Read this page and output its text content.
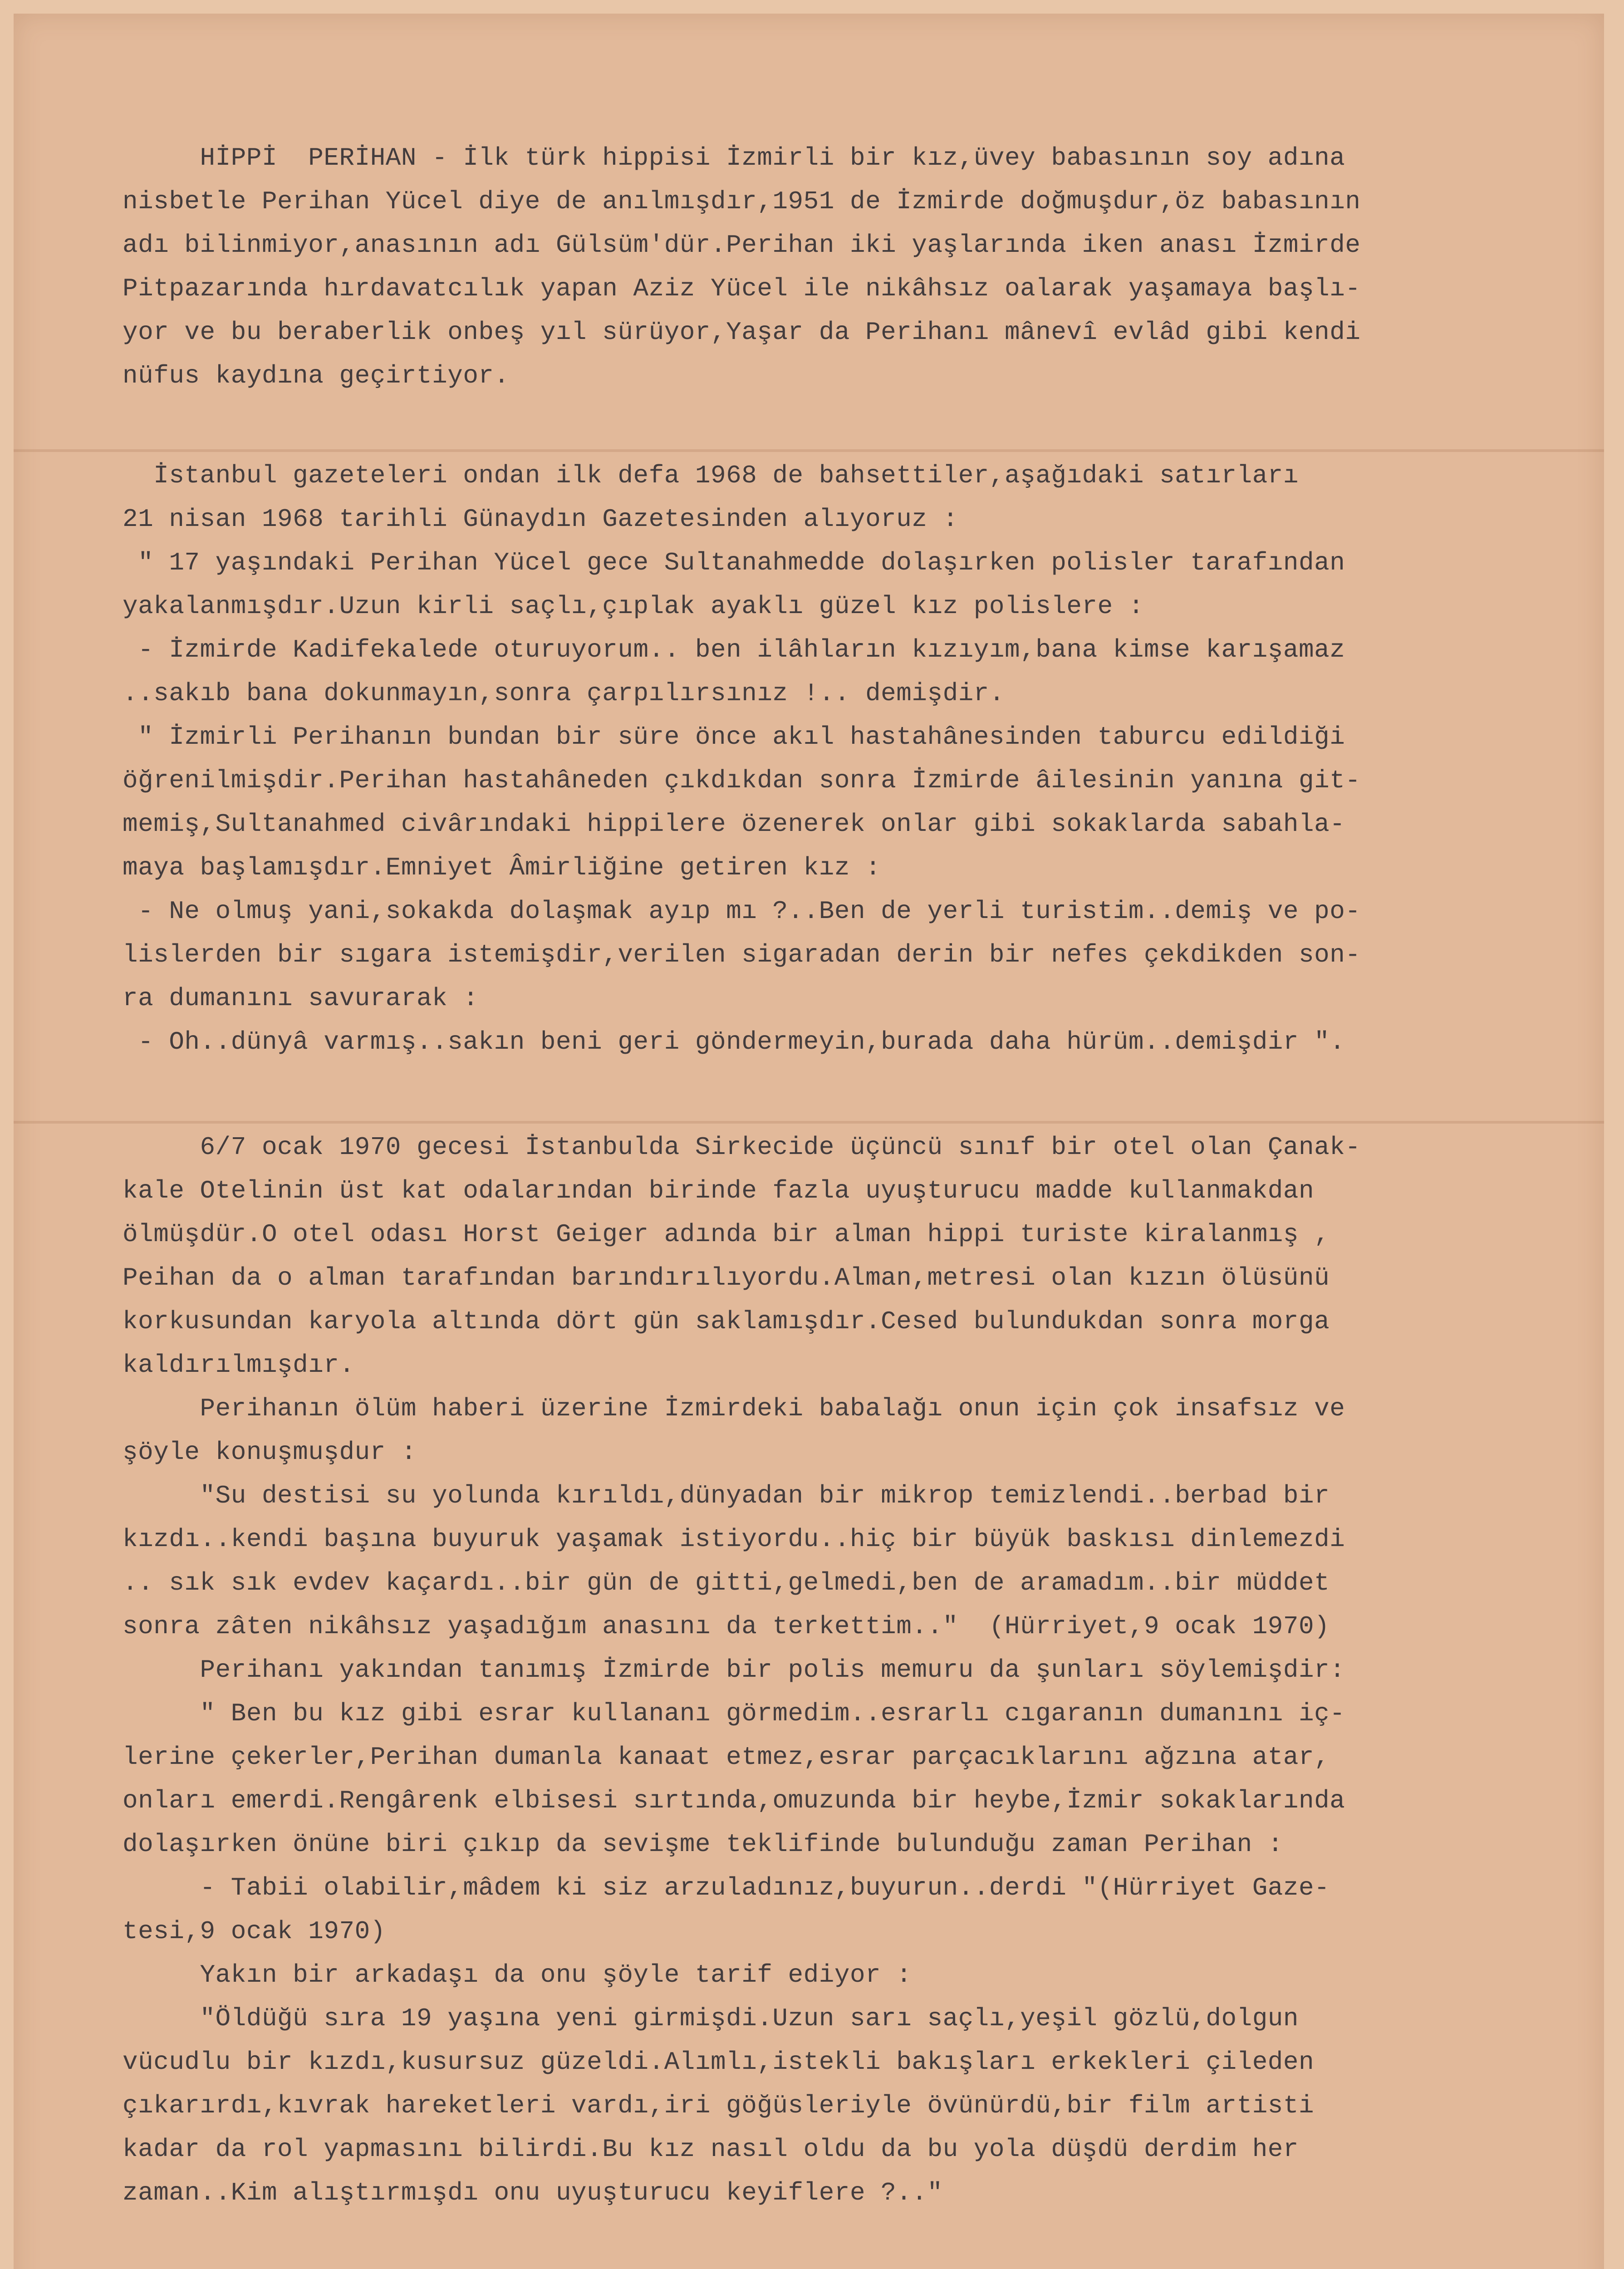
HİPPİ  PERİHAN - İlk türk hippisi İzmirli bir kız,üvey babasının soy adına
nisbetle Perihan Yücel diye de anılmışdır,1951 de İzmirde doğmuşdur,öz babasının
adı bilinmiyor,anasının adı Gülsüm'dür.Perihan iki yaşlarında iken anası İzmirde
Pitpazarında hırdavatcılık yapan Aziz Yücel ile nikâhsız oalarak yaşamaya başlı-
yor ve bu beraberlik onbeş yıl sürüyor,Yaşar da Perihanı mânevî evlâd gibi kendi
nüfus kaydına geçirtiyor.
İstanbul gazeteleri ondan ilk defa 1968 de bahsettiler,aşağıdaki satırları
21 nisan 1968 tarihli Günaydın Gazetesinden alıyoruz :
" 17 yaşındaki Perihan Yücel gece Sultanahmedde dolaşırken polisler tarafından
yakalanmışdır.Uzun kirli saçlı,çıplak ayaklı güzel kız polislere :
- İzmirde Kadifekalede oturuyorum.. ben ilâhların kızıyım,bana kimse karışamaz
..sakıb bana dokunmayın,sonra çarpılırsınız !.. demişdir.
" İzmirli Perihanın bundan bir süre önce akıl hastahânesinden taburcu edildiği
öğrenilmişdir.Perihan hastahâneden çıkdıkdan sonra İzmirde âilesinin yanına git-
memiş,Sultanahmed civârındaki hippilere özenerek onlar gibi sokaklarda sabahla-
maya başlamışdır.Emniyet Âmirliğine getiren kız :
- Ne olmuş yani,sokakda dolaşmak ayıp mı ?..Ben de yerli turistim..demiş ve po-
lislerden bir sıgara istemişdir,verilen sigaradan derin bir nefes çekdikden son-
ra dumanını savurarak :
- Oh..dünyâ varmış..sakın beni geri göndermeyin,burada daha hürüm..demişdir ".
6/7 ocak 1970 gecesi İstanbulda Sirkecide üçüncü sınıf bir otel olan Çanak-
kale Otelinin üst kat odalarından birinde fazla uyuşturucu madde kullanmakdan
ölmüşdür.O otel odası Horst Geiger adında bir alman hippi turiste kiralanmış ,
Peihan da o alman tarafından barındırılıyordu.Alman,metresi olan kızın ölüsünü
korkusundan karyola altında dört gün saklamışdır.Cesed bulundukdan sonra morga
kaldırılmışdır.
Perihanın ölüm haberi üzerine İzmirdeki babalağı onun için çok insafsız ve
şöyle konuşmuşdur :
"Su destisi su yolunda kırıldı,dünyadan bir mikrop temizlendi..berbad bir
kızdı..kendi başına buyuruk yaşamak istiyordu..hiç bir büyük baskısı dinlemezdi
.. sık sık evdev kaçardı..bir gün de gitti,gelmedi,ben de aramadım..bir müddet
sonra zâten nikâhsız yaşadığım anasını da terkettim.."  (Hürriyet,9 ocak 1970)
Perihanı yakından tanımış İzmirde bir polis memuru da şunları söylemişdir:
" Ben bu kız gibi esrar kullananı görmedim..esrarlı cıgaranın dumanını iç-
lerine çekerler,Perihan dumanla kanaat etmez,esrar parçacıklarını ağzına atar,
onları emerdi.Rengârenk elbisesi sırtında,omuzunda bir heybe,İzmir sokaklarında
dolaşırken önüne biri çıkıp da sevişme teklifinde bulunduğu zaman Perihan :
- Tabii olabilir,mâdem ki siz arzuladınız,buyurun..derdi "(Hürriyet Gaze-
tesi,9 ocak 1970)
Yakın bir arkadaşı da onu şöyle tarif ediyor :
"Öldüğü sıra 19 yaşına yeni girmişdi.Uzun sarı saçlı,yeşil gözlü,dolgun
vücudlu bir kızdı,kusursuz güzeldi.Alımlı,istekli bakışları erkekleri çileden
çıkarırdı,kıvrak hareketleri vardı,iri göğüsleriyle övünürdü,bir film artisti
kadar da rol yapmasını bilirdi.Bu kız nasıl oldu da bu yola düşdü derdim her
zaman..Kim alıştırmışdı onu uyuşturucu keyiflere ?.."
